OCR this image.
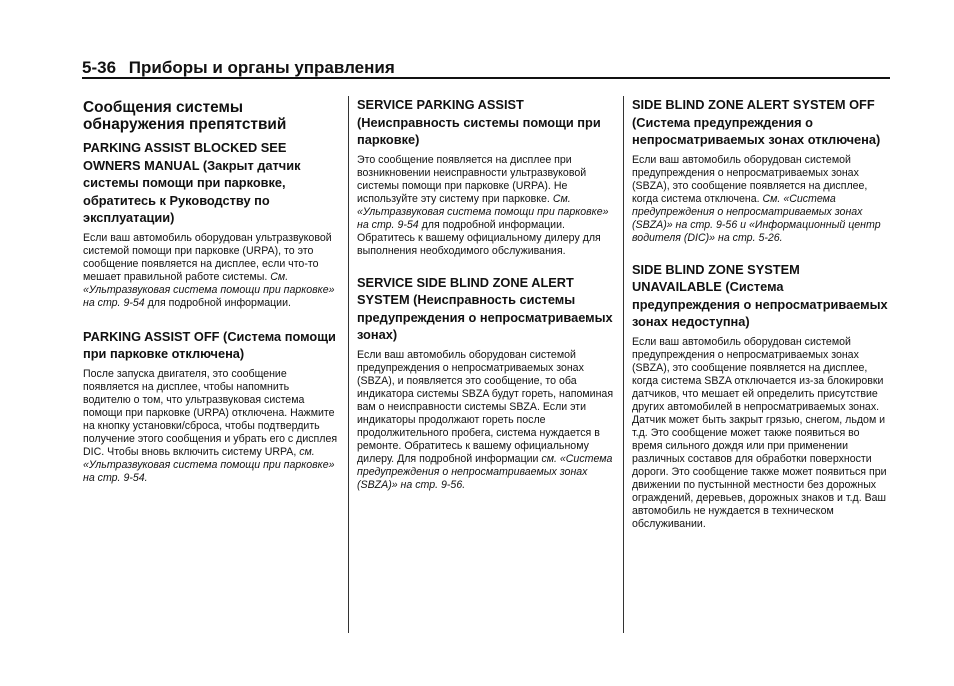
5-36 Приборы и органы управления
Сообщения системы обнаружения препятствий
PARKING ASSIST BLOCKED SEE OWNERS MANUAL (Закрыт датчик системы помощи при парковке, обратитесь к Руководству по эксплуатации)

Если ваш автомобиль оборудован ультразвуковой системой помощи при парковке (URPA), то это сообщение появляется на дисплее, если что-то мешает правильной работе системы. См. «Ультразвуковая система помощи при парковке» на стр. 9-54 для подробной информации.

PARKING ASSIST OFF (Система помощи при парковке отключена)

После запуска двигателя, это сообщение появляется на дисплее, чтобы напомнить водителю о том, что ультразвуковая система помощи при парковке (URPA) отключена. Нажмите на кнопку установки/сброса, чтобы подтвердить получение этого сообщения и убрать его с дисплея DIC. Чтобы вновь включить систему URPA, см. «Ультразвуковая система помощи при парковке» на стр. 9-54.

SERVICE PARKING ASSIST (Неисправность системы помощи при парковке)

Это сообщение появляется на дисплее при возникновении неисправности ультразвуковой системы помощи при парковке (URPA). Не используйте эту систему при парковке. См. «Ультразвуковая система помощи при парковке» на стр. 9-54 для подробной информации. Обратитесь к вашему официальному дилеру для выполнения необходимого обслуживания.

SERVICE SIDE BLIND ZONE ALERT SYSTEM (Неисправность системы предупреждения о непросматриваемых зонах)

Если ваш автомобиль оборудован системой предупреждения о непросматриваемых зонах (SBZA), и появляется это сообщение, то оба индикатора системы SBZA будут гореть, напоминая вам о неисправности системы SBZA. Если эти индикаторы продолжают гореть после продолжительного пробега, система нуждается в ремонте. Обратитесь к вашему официальному дилеру. Для подробной информации см. «Система предупреждения о непросматриваемых зонах (SBZA)» на стр. 9-56.

SIDE BLIND ZONE ALERT SYSTEM OFF (Система предупреждения о непросматриваемых зонах отключена)

Если ваш автомобиль оборудован системой предупреждения о непросматриваемых зонах (SBZA), это сообщение появляется на дисплее, когда система отключена. См. «Система предупреждения о непросматриваемых зонах (SBZA)» на стр. 9-56 и «Информационный центр водителя (DIC)» на стр. 5-26.

SIDE BLIND ZONE SYSTEM UNAVAILABLE (Система предупреждения о непросматриваемых зонах недоступна)

Если ваш автомобиль оборудован системой предупреждения о непросматриваемых зонах (SBZA), это сообщение появляется на дисплее, когда система SBZA отключается из-за блокировки датчиков, что мешает ей определить присутствие других автомобилей в непросматриваемых зонах. Датчик может быть закрыт грязью, снегом, льдом и т.д. Это сообщение может также появиться во время сильного дождя или при применении различных составов для обработки поверхности дороги. Это сообщение также может появиться при движении по пустынной местности без дорожных ограждений, деревьев, дорожных знаков и т.д. Ваш автомобиль не нуждается в техническом обслуживании.
